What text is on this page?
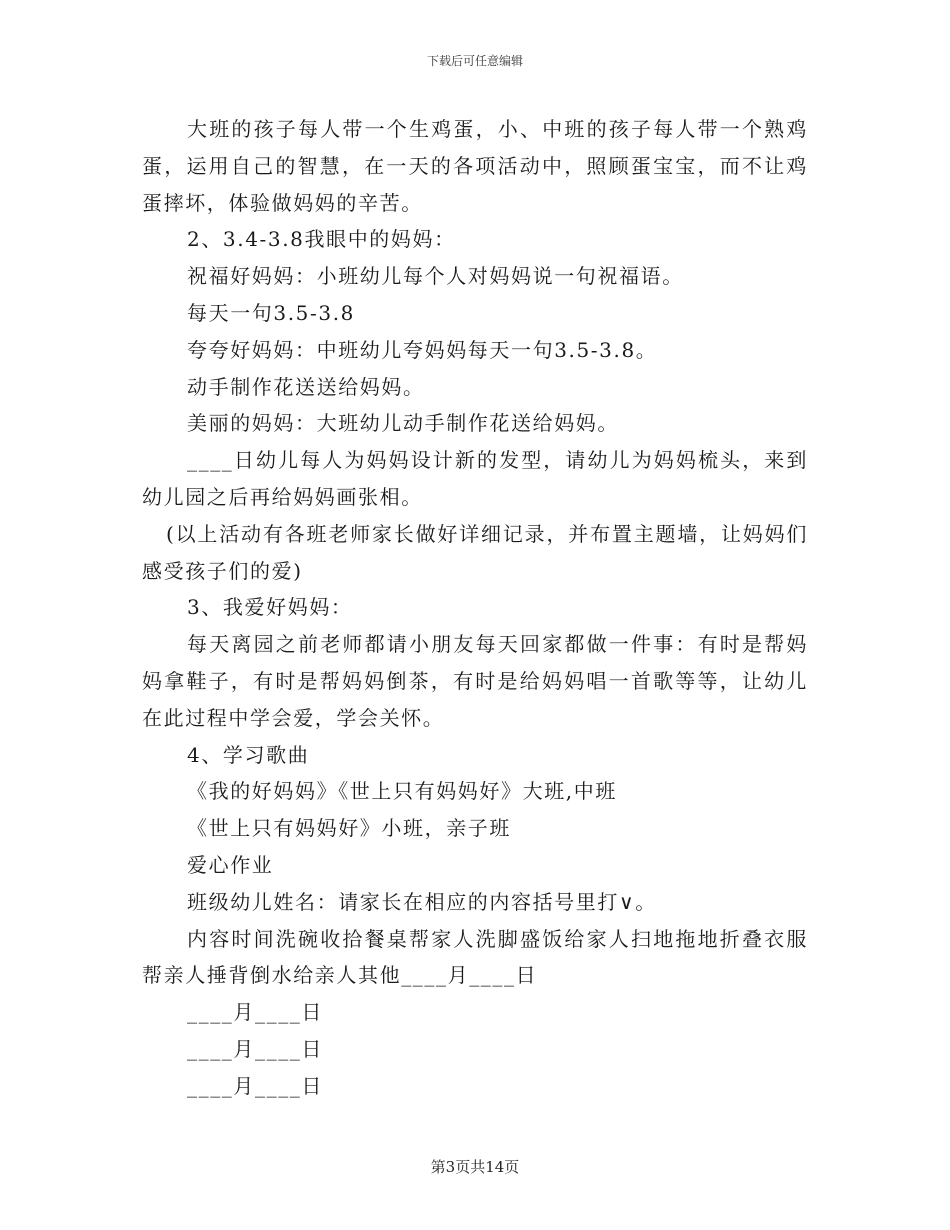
下载后可任意编辑

大班的孩子每人带一个生鸡蛋，小、中班的孩子每人带一个熟鸡蛋，运用自己的智慧，在一天的各项活动中，照顾蛋宝宝，而不让鸡蛋摔坏，体验做妈妈的辛苦。

2、3.4-3.8我眼中的妈妈：

祝福好妈妈：小班幼儿每个人对妈妈说一句祝福语。

每天一句3.5-3.8

夸夸好妈妈：中班幼儿夸妈妈每天一句3.5-3.8。

动手制作花送送给妈妈。

美丽的妈妈：大班幼儿动手制作花送给妈妈。

____日幼儿每人为妈妈设计新的发型，请幼儿为妈妈梳头，来到幼儿园之后再给妈妈画张相。

(以上活动有各班老师家长做好详细记录，并布置主题墙，让妈妈们感受孩子们的爱)

3、我爱好妈妈：

每天离园之前老师都请小朋友每天回家都做一件事：有时是帮妈妈拿鞋子，有时是帮妈妈倒茶，有时是给妈妈唱一首歌等等，让幼儿在此过程中学会爱，学会关怀。

4、学习歌曲

《我的好妈妈》《世上只有妈妈好》大班,中班

《世上只有妈妈好》小班，亲子班

爱心作业

班级幼儿姓名：请家长在相应的内容括号里打∨。

内容时间洗碗收拾餐桌帮家人洗脚盛饭给家人扫地拖地折叠衣服帮亲人捶背倒水给亲人其他____月____日

____月____日

____月____日

____月____日

第3页共14页
